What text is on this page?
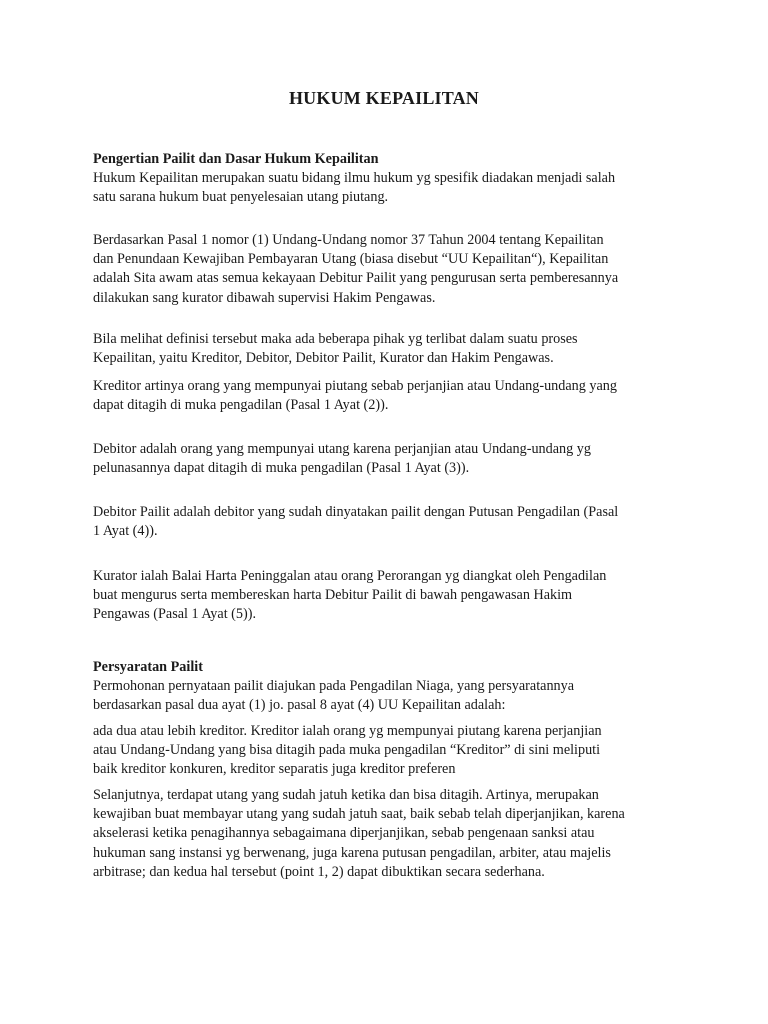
HUKUM KEPAILITAN
Pengertian Pailit dan Dasar Hukum Kepailitan
Hukum Kepailitan merupakan suatu bidang ilmu hukum yg spesifik diadakan menjadi salah
satu sarana hukum buat penyelesaian utang piutang.
Berdasarkan Pasal 1 nomor (1) Undang-Undang nomor 37 Tahun 2004 tentang Kepailitan
dan Penundaan Kewajiban Pembayaran Utang (biasa disebut “UU Kepailitan“), Kepailitan
adalah Sita awam atas semua kekayaan Debitur Pailit yang pengurusan serta pemberesannya
dilakukan sang kurator dibawah supervisi Hakim Pengawas.
Bila melihat definisi tersebut maka ada beberapa pihak yg terlibat dalam suatu proses
Kepailitan, yaitu Kreditor, Debitor, Debitor Pailit, Kurator dan Hakim Pengawas.
Kreditor artinya orang yang mempunyai piutang sebab perjanjian atau Undang-undang yang
dapat ditagih di muka pengadilan (Pasal 1 Ayat (2)).
Debitor adalah orang yang mempunyai utang karena perjanjian atau Undang-undang yg
pelunasannya dapat ditagih di muka pengadilan (Pasal 1 Ayat (3)).
Debitor Pailit adalah debitor yang sudah dinyatakan pailit dengan Putusan Pengadilan (Pasal
1 Ayat (4)).
Kurator ialah Balai Harta Peninggalan atau orang Perorangan yg diangkat oleh Pengadilan
buat mengurus serta membereskan harta Debitur Pailit di bawah pengawasan Hakim
Pengawas (Pasal 1 Ayat (5)).
Persyaratan Pailit
Permohonan pernyataan pailit diajukan pada Pengadilan Niaga, yang persyaratannya
berdasarkan pasal dua ayat (1) jo. pasal 8 ayat (4) UU Kepailitan adalah:
ada dua atau lebih kreditor. Kreditor ialah orang yg mempunyai piutang karena perjanjian
atau Undang-Undang yang bisa ditagih pada muka pengadilan “Kreditor” di sini meliputi
baik kreditor konkuren, kreditor separatis juga kreditor preferen
Selanjutnya, terdapat utang yang sudah jatuh ketika dan bisa ditagih. Artinya, merupakan
kewajiban buat membayar utang yang sudah jatuh saat, baik sebab telah diperjanjikan, karena
akselerasi ketika penagihannya sebagaimana diperjanjikan, sebab pengenaan sanksi atau
hukuman sang instansi yg berwenang, juga karena putusan pengadilan, arbiter, atau majelis
arbitrase; dan kedua hal tersebut (point 1, 2) dapat dibuktikan secara sederhana.
